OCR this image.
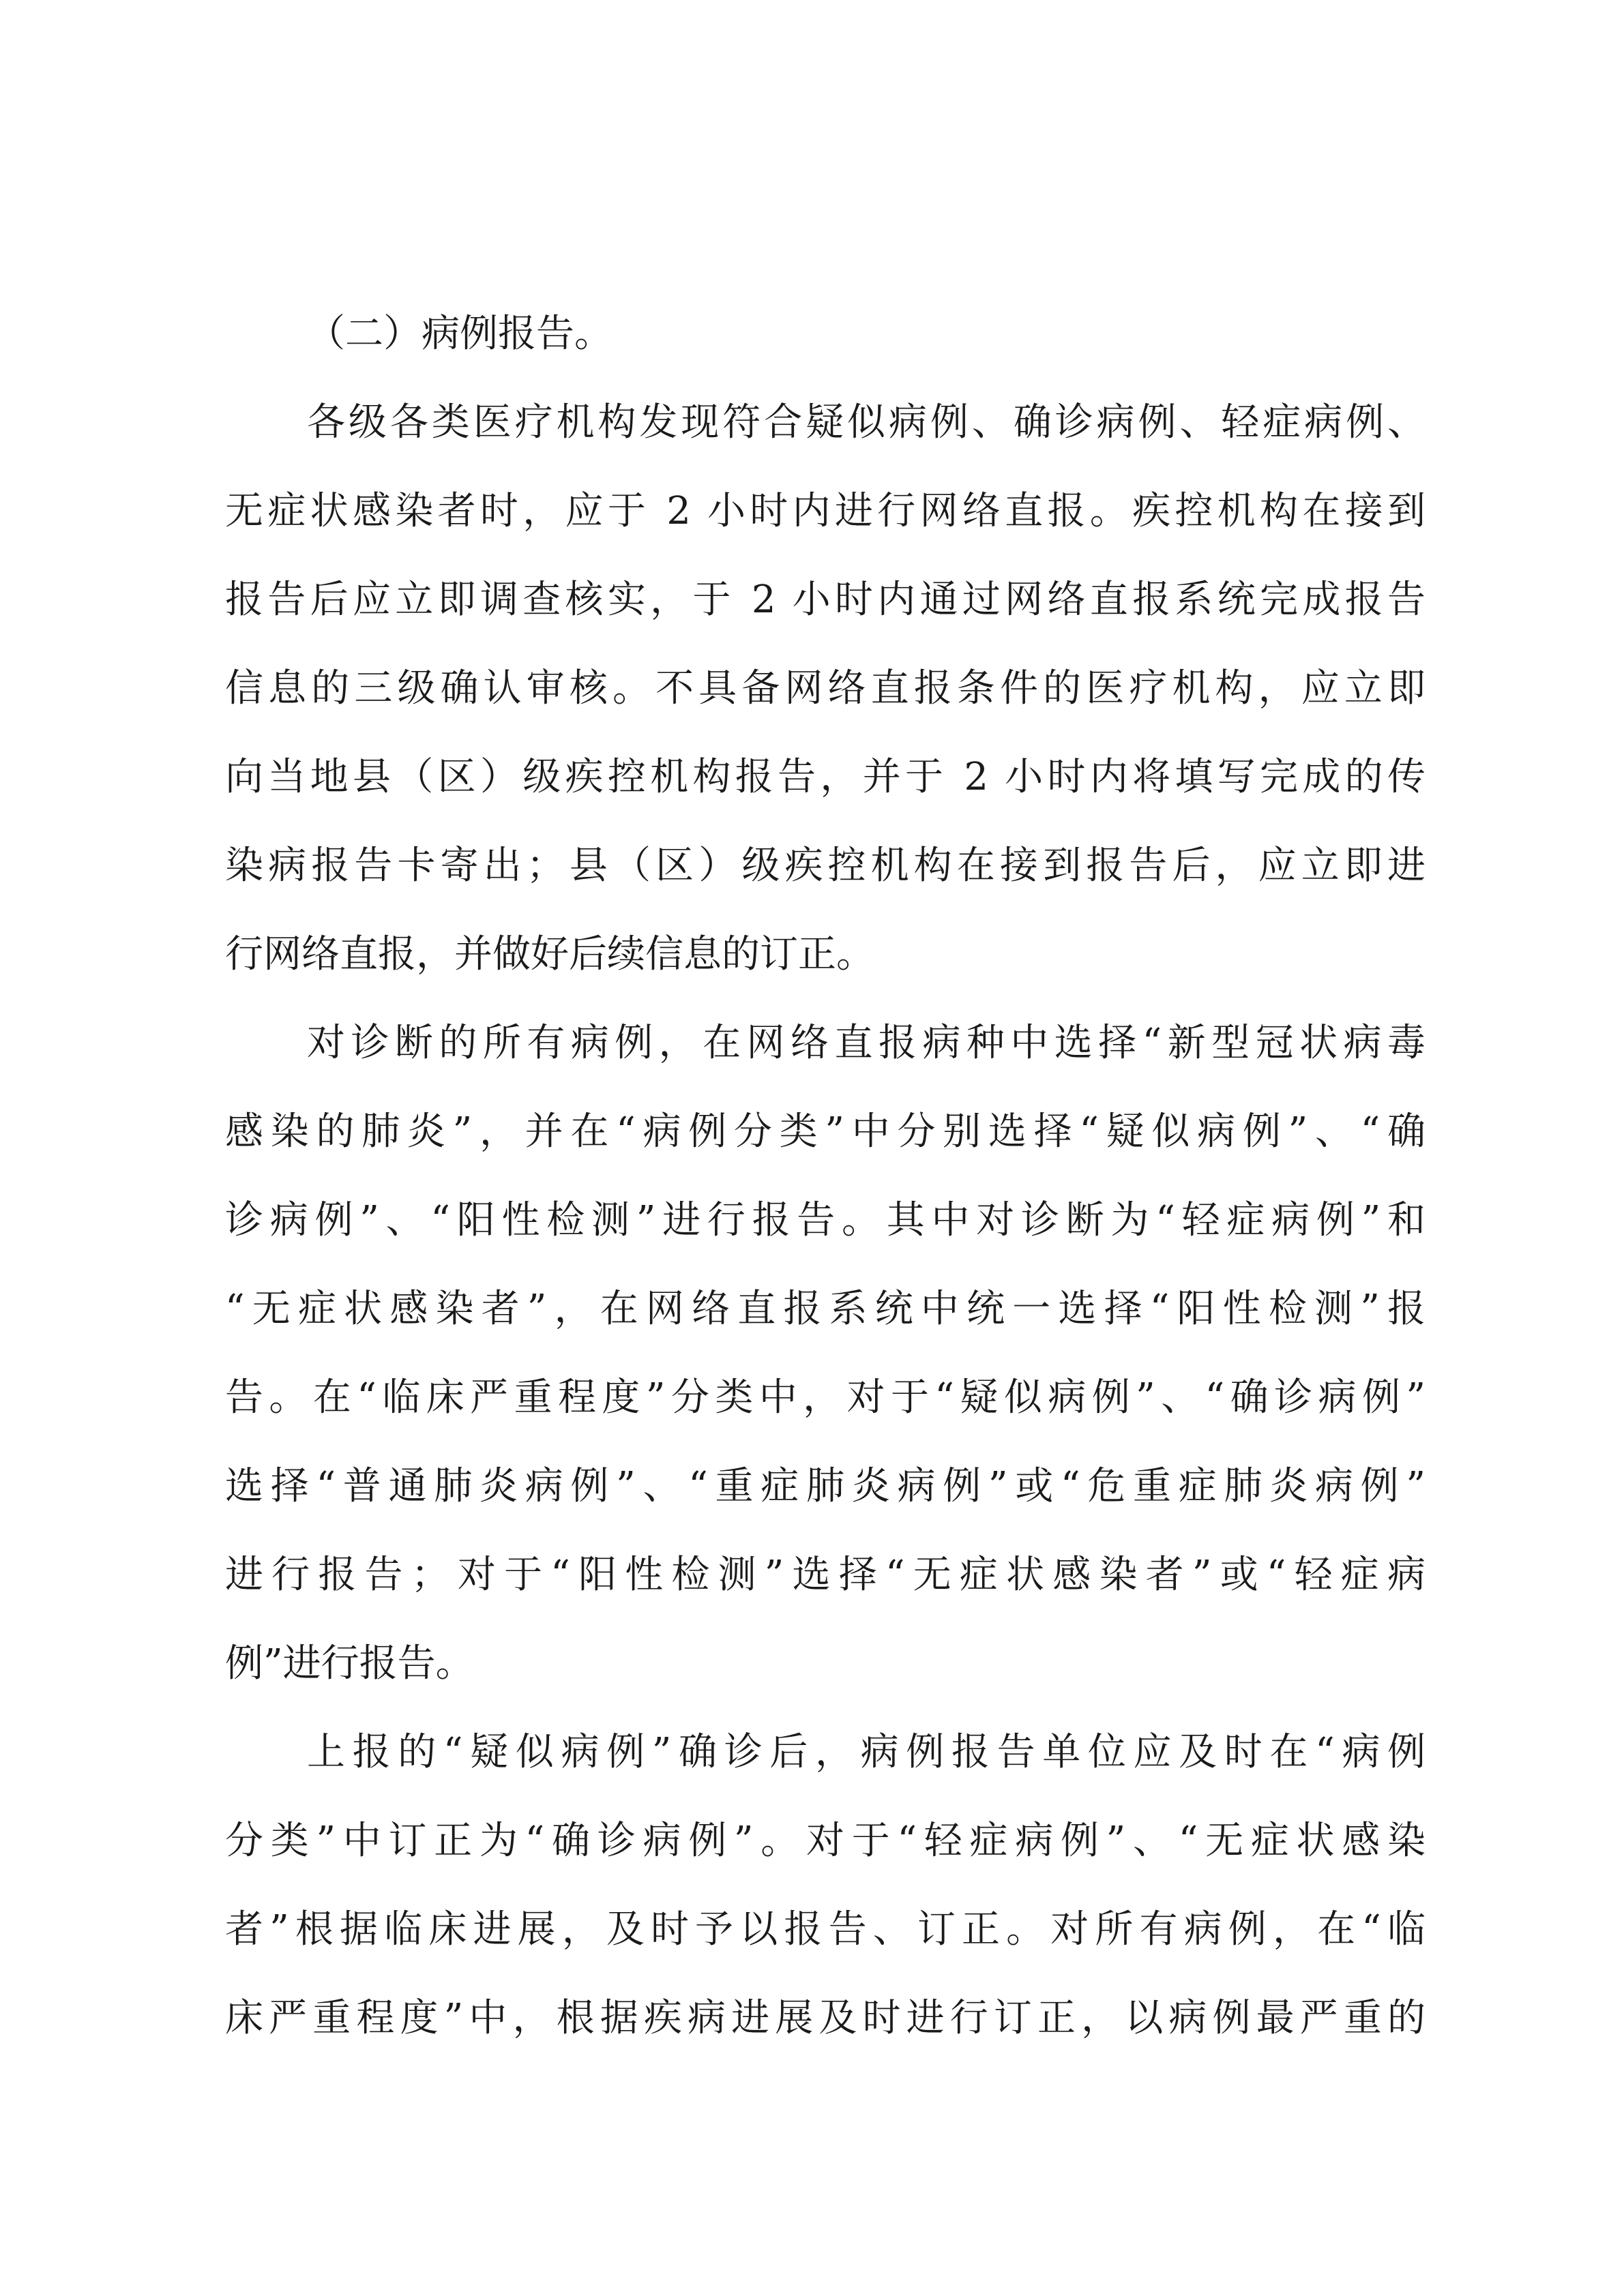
（二）病例报告。
各级各类医疗机构发现符合疑似病例、确诊病例、轻症病例、
无症状感染者时，应于 2 小时内进行网络直报。疾控机构在接到
报告后应立即调查核实，于 2 小时内通过网络直报系统完成报告
信息的三级确认审核。不具备网络直报条件的医疗机构，应立即
向当地县（区）级疾控机构报告，并于 2 小时内将填写完成的传
染病报告卡寄出；县（区）级疾控机构在接到报告后，应立即进
行网络直报，并做好后续信息的订正。
对诊断的所有病例，在网络直报病种中选择“新型冠状病毒
感染的肺炎”，并在“病例分类”中分别选择“疑似病例”、“确
诊病例”、“阳性检测”进行报告。其中对诊断为“轻症病例”和
“无症状感染者”，在网络直报系统中统一选择“阳性检测”报
告。在“临床严重程度”分类中，对于“疑似病例”、“确诊病例”
选择“普通肺炎病例”、“重症肺炎病例”或“危重症肺炎病例”
进行报告；对于“阳性检测”选择“无症状感染者”或“轻症病
例”进行报告。
上报的“疑似病例”确诊后，病例报告单位应及时在“病例
分类”中订正为“确诊病例”。对于“轻症病例”、“无症状感染
者”根据临床进展，及时予以报告、订正。对所有病例，在“临
床严重程度”中，根据疾病进展及时进行订正，以病例最严重的
